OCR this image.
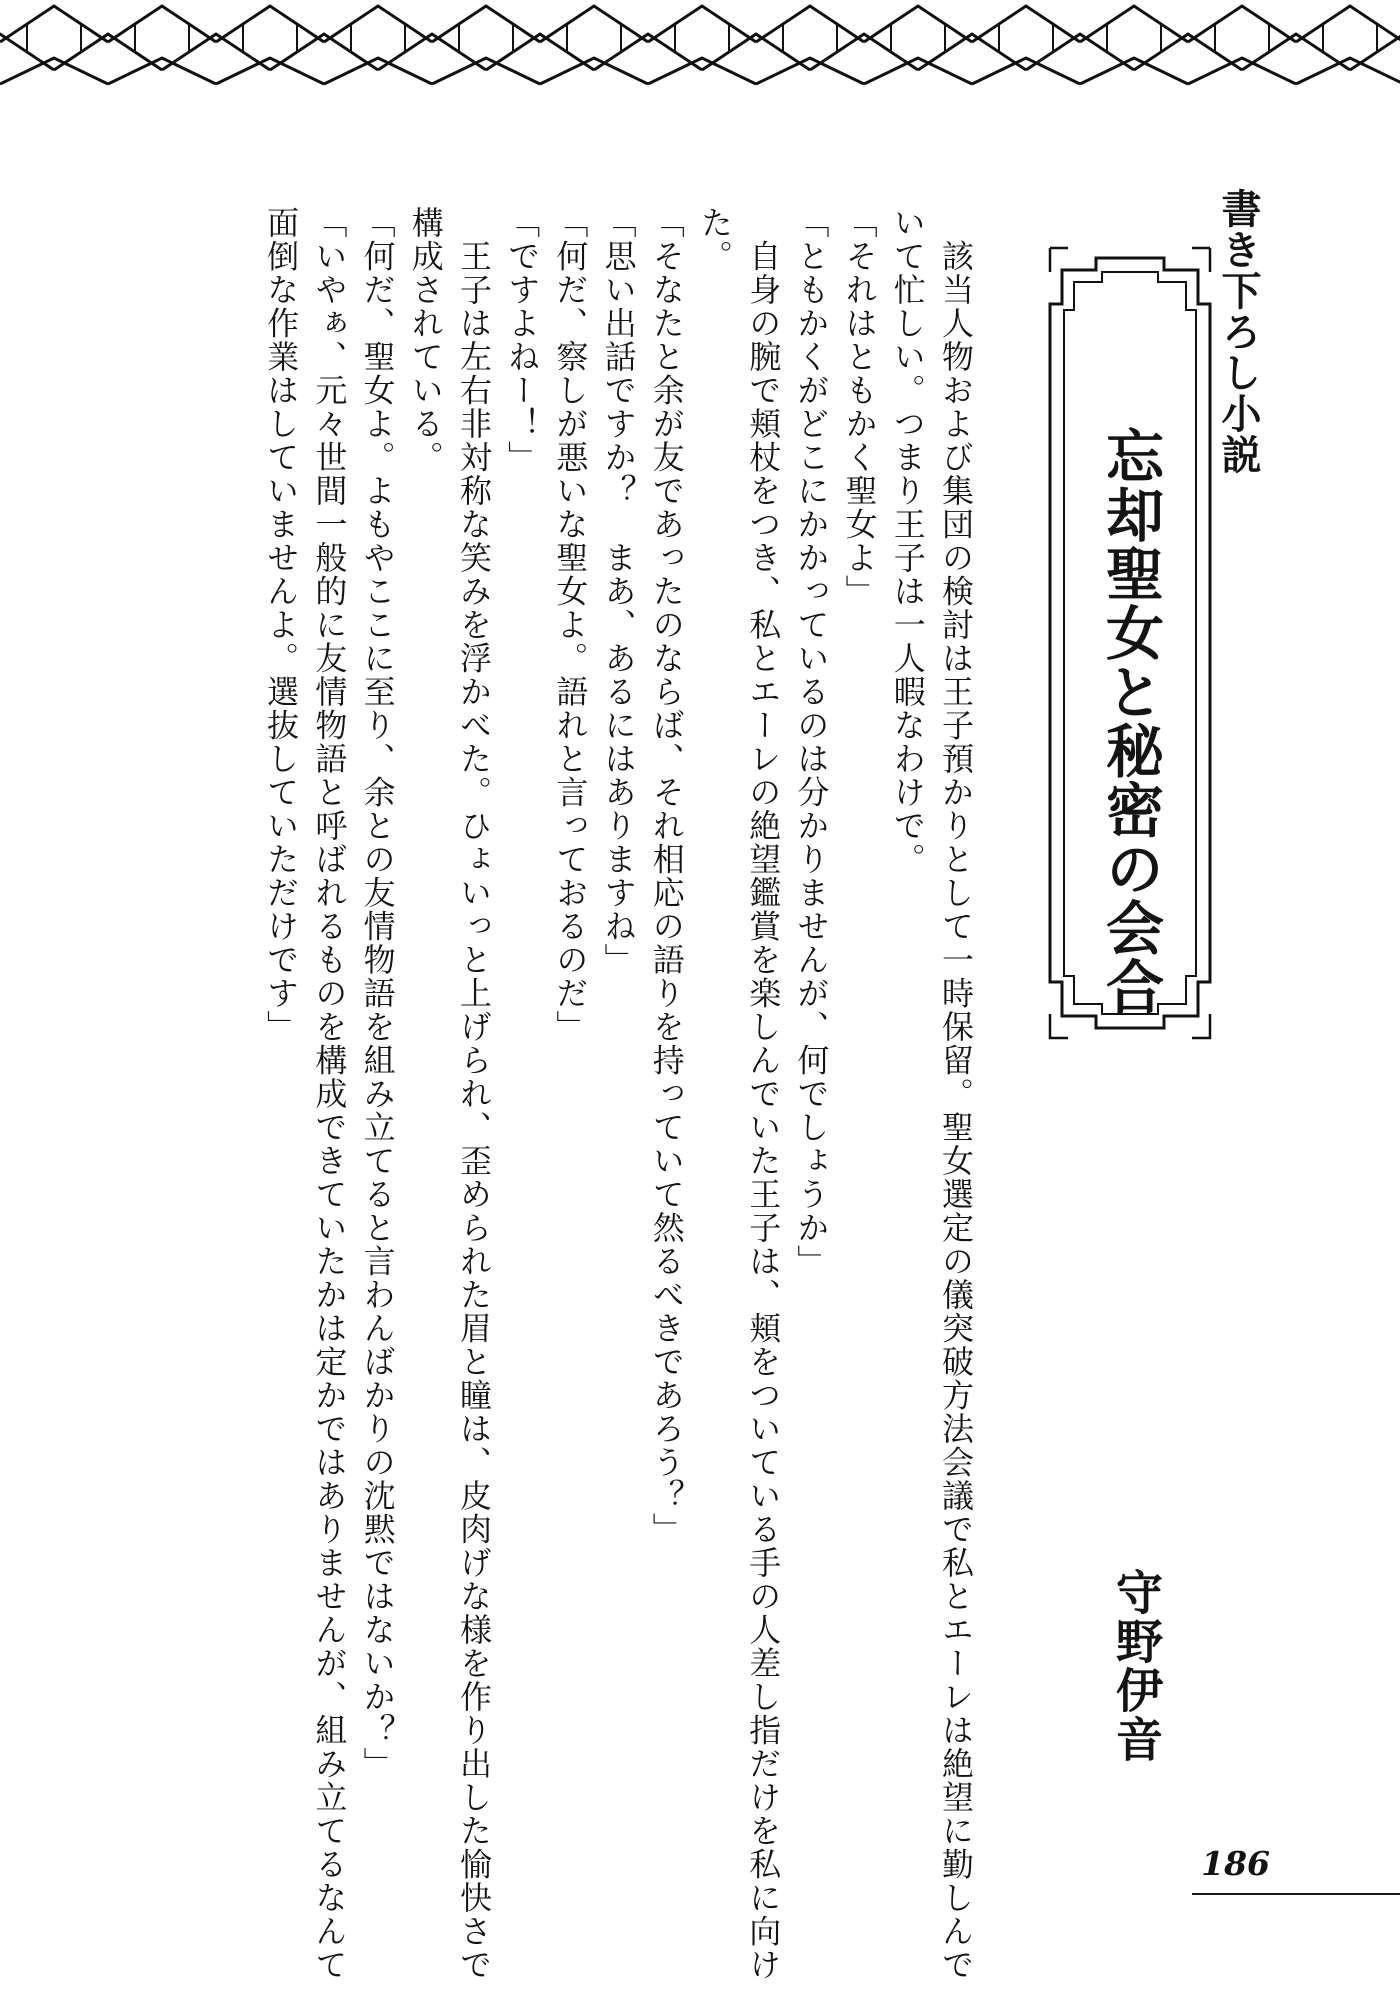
書き下ろし小説
忘却聖女と秘密の会合
守野伊音
　該当人物および集団の検討は王子預かりとして一時保留。聖女選定の儀突破方法会議で私とエーレは絶望に勤しんで
いて忙しい。つまり王子は一人暇なわけで。
「それはともかく聖女よ」
「ともかくがどこにかかっているのは分かりませんが、何でしょうか」
　自身の腕で頬杖をつき、私とエーレの絶望鑑賞を楽しんでいた王子は、頬をついている手の人差し指だけを私に向け
た。
「そなたと余が友であったのならば、それ相応の語りを持っていて然るべきであろう？」
「思い出話ですか？　まあ、あるにはありますね」
「何だ、察しが悪いな聖女よ。語れと言っておるのだ」
「ですよねー！」
　王子は左右非対称な笑みを浮かべた。ひょいっと上げられ、歪められた眉と瞳は、皮肉げな様を作り出した愉快さで
構成されている。
「何だ、聖女よ。よもやここに至り、余との友情物語を組み立てると言わんばかりの沈黙ではないか？」
「いやぁ、元々世間一般的に友情物語と呼ばれるものを構成できていたかは定かではありませんが、組み立てるなんて
面倒な作業はしていませんよ。選抜していただけです」
186
